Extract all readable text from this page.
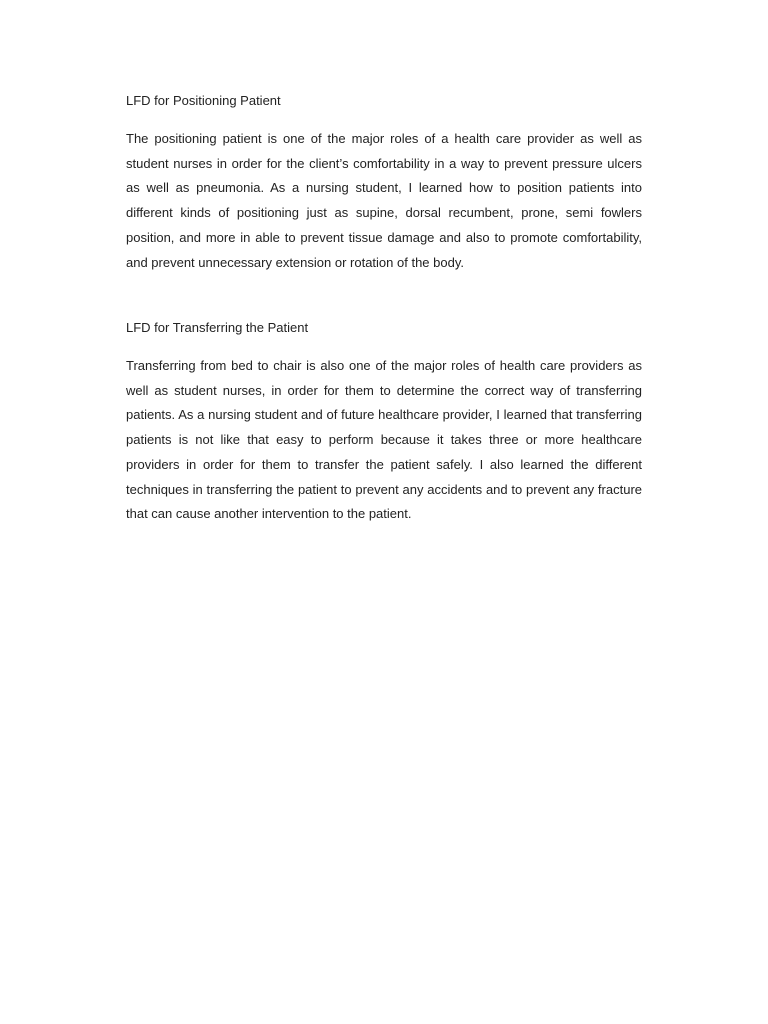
LFD for Positioning Patient

The positioning patient is one of the major roles of a health care provider as well as student nurses in order for the client’s comfortability in a way to prevent pressure ulcers as well as pneumonia. As a nursing student, I learned how to position patients into different kinds of positioning just as supine, dorsal recumbent, prone, semi fowlers position, and more in able to prevent tissue damage and also to promote comfortability, and prevent unnecessary extension or rotation of the body.

LFD for Transferring the Patient

Transferring from bed to chair is also one of the major roles of health care providers as well as student nurses, in order for them to determine the correct way of transferring patients. As a nursing student and of future healthcare provider, I learned that transferring patients is not like that easy to perform because it takes three or more healthcare providers in order for them to transfer the patient safely. I also learned the different techniques in transferring the patient to prevent any accidents and to prevent any fracture that can cause another intervention to the patient.
